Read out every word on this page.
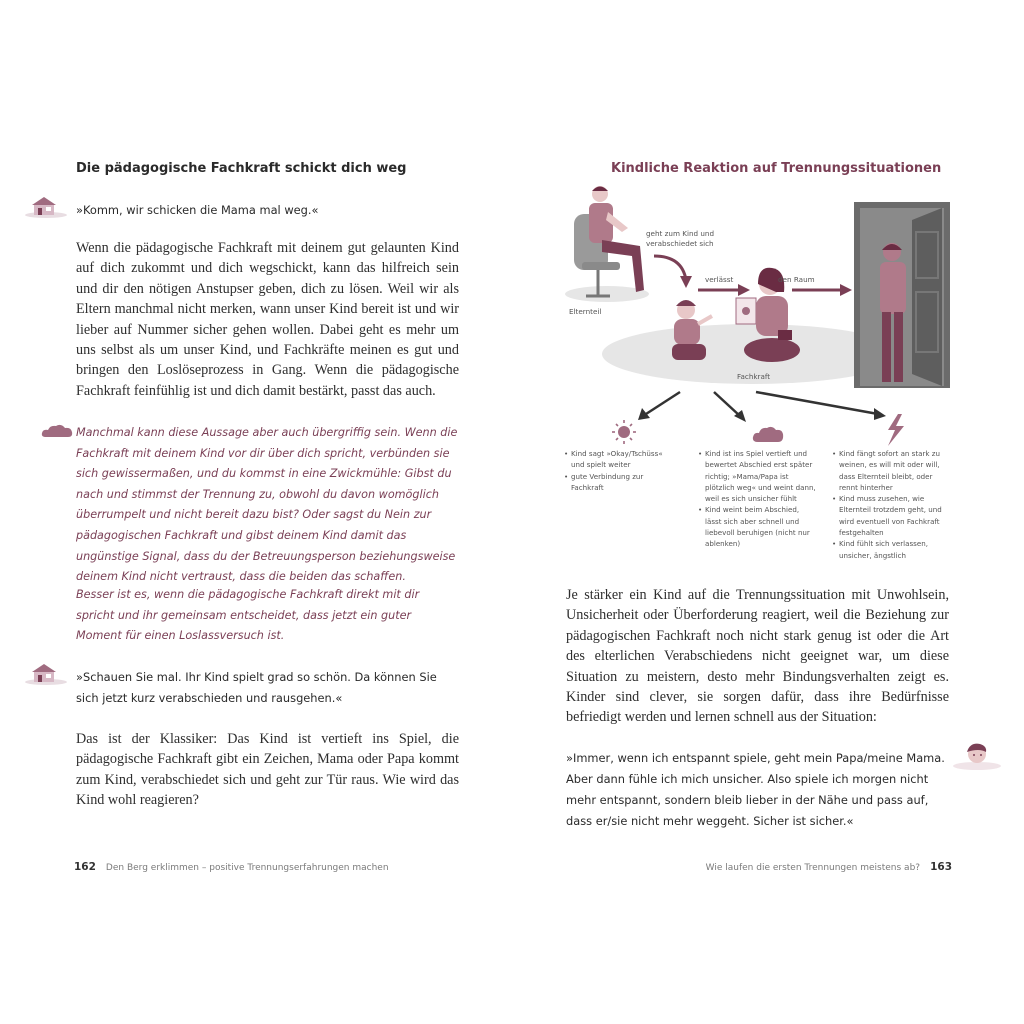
Die pädagogische Fachkraft schickt dich weg
»Komm, wir schicken die Mama mal weg.«
Wenn die pädagogische Fachkraft mit deinem gut gelaunten Kind auf dich zukommt und dich wegschickt, kann das hilfreich sein und dir den nötigen Anstupser geben, dich zu lösen. Weil wir als Eltern manchmal nicht merken, wann unser Kind bereit ist und wir lieber auf Nummer sicher gehen wollen. Dabei geht es mehr um uns selbst als um unser Kind, und Fachkräfte meinen es gut und bringen den Loslöseprozess in Gang. Wenn die pädagogische Fachkraft feinfühlig ist und dich damit bestärkt, passt das auch.
Manchmal kann diese Aussage aber auch übergriffig sein. Wenn die Fachkraft mit deinem Kind vor dir über dich spricht, verbünden sie sich gewissermaßen, und du kommst in eine Zwickmühle: Gibst du nach und stimmst der Trennung zu, obwohl du davon womöglich überrumpelt und nicht bereit dazu bist? Oder sagst du Nein zur pädagogischen Fachkraft und gibst deinem Kind damit das ungünstige Signal, dass du der Betreuungsperson beziehungsweise deinem Kind nicht vertraust, dass die beiden das schaffen.
Besser ist es, wenn die pädagogische Fachkraft direkt mit dir spricht und ihr gemeinsam entscheidet, dass jetzt ein guter Moment für einen Loslassversuch ist.
»Schauen Sie mal. Ihr Kind spielt grad so schön. Da können Sie sich jetzt kurz verabschieden und rausgehen.«
Das ist der Klassiker: Das Kind ist vertieft ins Spiel, die pädagogische Fachkraft gibt ein Zeichen, Mama oder Papa kommt zum Kind, verabschiedet sich und geht zur Tür raus. Wie wird das Kind wohl reagieren?
162 Den Berg erklimmen – positive Trennungserfahrungen machen
Kindliche Reaktion auf Trennungssituationen
geht zum Kind und verabschiedet sich
verlässt	den Raum
Elternteil
Fachkraft
• Kind sagt »Okay/Tschüss« und spielt weiter
• gute Verbindung zur Fachkraft
• Kind ist ins Spiel vertieft und bewertet Abschied erst später richtig; »Mama/Papa ist plötzlich weg« und weint dann, weil es sich unsicher fühlt
• Kind weint beim Abschied, lässt sich aber schnell und liebevoll beruhigen (nicht nur ablenken)
• Kind fängt sofort an stark zu weinen, es will mit oder will, dass Elternteil bleibt, oder rennt hinterher
• Kind muss zusehen, wie Elternteil trotzdem geht, und wird eventuell von Fachkraft festgehalten
• Kind fühlt sich verlassen, unsicher, ängstlich
Je stärker ein Kind auf die Trennungssituation mit Unwohlsein, Unsicherheit oder Überforderung reagiert, weil die Beziehung zur pädagogischen Fachkraft noch nicht stark genug ist oder die Art des elterlichen Verabschiedens nicht geeignet war, um diese Situation zu meistern, desto mehr Bindungsverhalten zeigt es. Kinder sind clever, sie sorgen dafür, dass ihre Bedürfnisse befriedigt werden und lernen schnell aus der Situation:
»Immer, wenn ich entspannt spiele, geht mein Papa/meine Mama. Aber dann fühle ich mich unsicher. Also spiele ich morgen nicht mehr entspannt, sondern bleib lieber in der Nähe und pass auf, dass er/sie nicht mehr weggeht. Sicher ist sicher.«
Wie laufen die ersten Trennungen meistens ab? 163
